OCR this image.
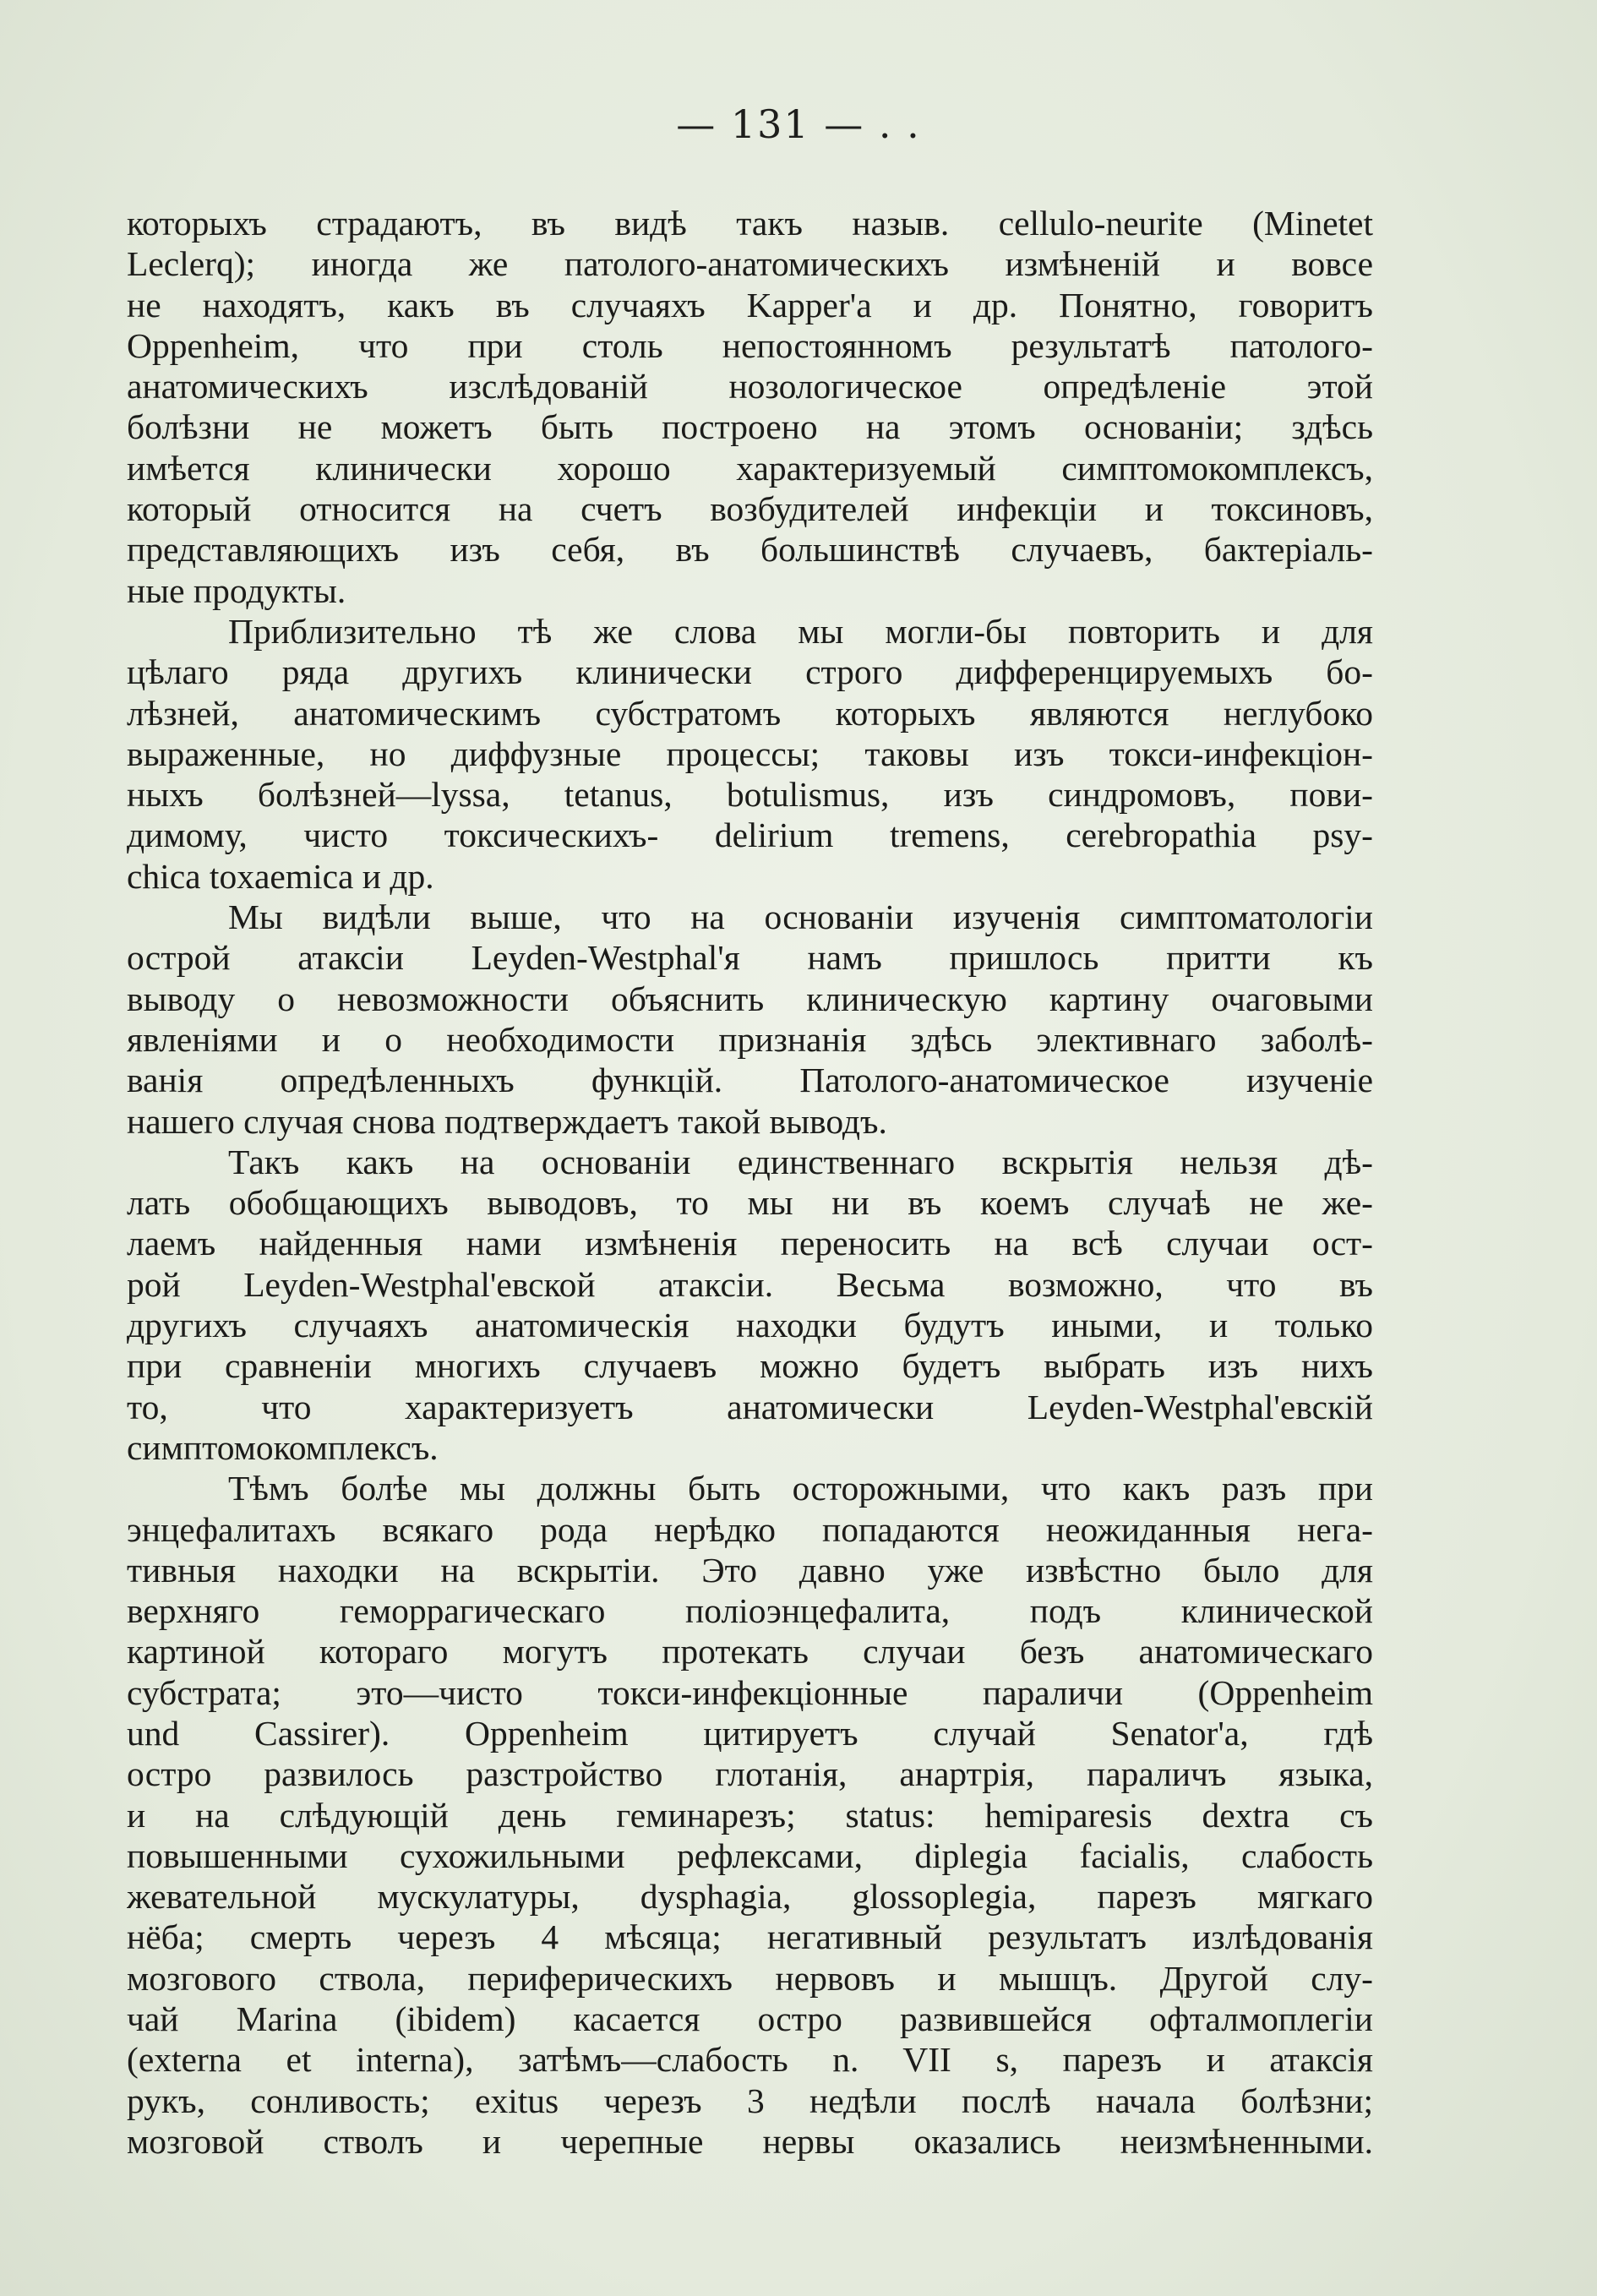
— 131 — . .
которыхъ страдаютъ, въ видѣ такъ назыв. cellulo-neurite (Minetet
Leclerq); иногда же патолого-анатомическихъ измѣненій и вовсе
не находятъ, какъ въ случаяхъ Kapper'a и др. Понятно, говоритъ
Oppenheim, что при столь непостоянномъ результатѣ патолого-
анатомическихъ изслѣдованій нозологическое опредѣленіе этой
болѣзни не можетъ быть построено на этомъ основаніи; здѣсь
имѣется клинически хорошо характеризуемый симптомокомплексъ,
который относится на счетъ возбудителей инфекціи и токсиновъ,
представляющихъ изъ себя, въ большинствѣ случаевъ, бактеріаль-
ные продукты.
Приблизительно тѣ же слова мы могли-бы повторить и для
цѣлаго ряда другихъ клинически строго дифференцируемыхъ бо-
лѣзней, анатомическимъ субстратомъ которыхъ являются неглубоко
выраженные, но диффузные процессы; таковы изъ токси-инфекціон-
ныхъ болѣзней—lyssa, tetanus, botulismus, изъ синдромовъ, пови-
димому, чисто токсическихъ- delirium tremens, cerebropathia psy-
chica toxaemica и др.
Мы видѣли выше, что на основаніи изученія симптоматологіи
острой атаксіи Leyden-Westphal'я намъ пришлось притти къ
выводу о невозможности объяснить клиническую картину очаговыми
явленіями и о необходимости признанія здѣсь элективнаго заболѣ-
ванія опредѣленныхъ функцій. Патолого-анатомическое изученіе
нашего случая снова подтверждаетъ такой выводъ.
Такъ какъ на основаніи единственнаго вскрытія нельзя дѣ-
лать обобщающихъ выводовъ, то мы ни въ коемъ случаѣ не же-
лаемъ найденныя нами измѣненія переносить на всѣ случаи ост-
рой Leyden-Westphal'евской атаксіи. Весьма возможно, что въ
другихъ случаяхъ анатомическія находки будутъ иными, и только
при сравненіи многихъ случаевъ можно будетъ выбрать изъ нихъ
то, что характеризуетъ анатомически Leyden-Westphal'евскій
симптомокомплексъ.
Тѣмъ болѣе мы должны быть осторожными, что какъ разъ при
энцефалитахъ всякаго рода нерѣдко попадаются неожиданныя нега-
тивныя находки на вскрытіи. Это давно уже извѣстно было для
верхняго геморрагическаго поліоэнцефалита, подъ клинической
картиной котораго могутъ протекать случаи безъ анатомическаго
субстрата; это—чисто токси-инфекціонные параличи (Oppenheim
und Cassirer). Oppenheim цитируетъ случай Senator'a, гдѣ
остро развилось разстройство глотанія, анартрія, параличъ языка,
и на слѣдующій день геминарезъ; status: hemiparesis dextra съ
повышенными сухожильными рефлексами, diplegia facialis, слабость
жевательной мускулатуры, dysphagia, glossoplegia, парезъ мягкаго
нёба; смерть черезъ 4 мѣсяца; негативный результатъ излѣдованія
мозгового ствола, периферическихъ нервовъ и мышцъ. Другой слу-
чай Marina (ibidem) касается остро развившейся офталмоплегіи
(externa et interna), затѣмъ—слабость n. VII s, парезъ и атаксія
рукъ, сонливость; exitus черезъ 3 недѣли послѣ начала болѣзни;
мозговой стволъ и черепные нервы оказались неизмѣненными.
